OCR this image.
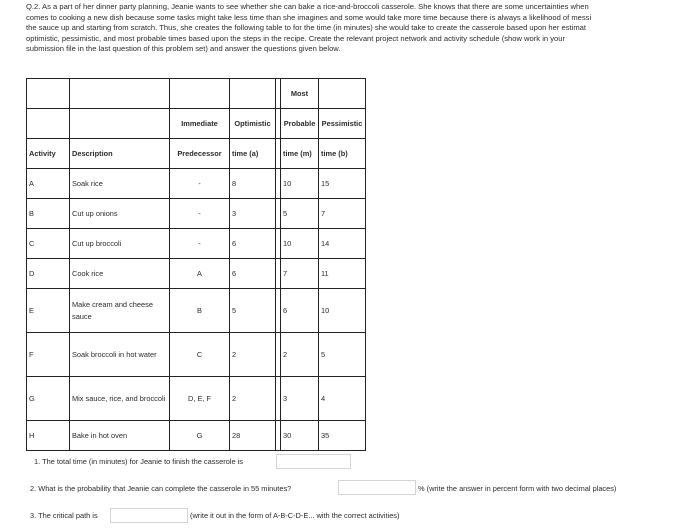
Q.2. As a part of her dinner party planning, Jeanie wants to see whether she can bake a rice-and-broccoli casserole. She knows that there are some uncertainties when
comes to cooking a new dish because some tasks might take less time than she imagines and some would take more time because there is always a likelihood of messi
the sauce up and starting from scratch. Thus, she creates the following table to for the time (in minutes) she would take to create the casserole based upon her estimat
optimistic, pessimistic, and most probable times based upon the steps in the recipe. Create the relevant project network and activity schedule (show work in your
submission file in the last question of this problem set) and answer the questions given below.
					Most	
		Immediate	Optimistic		Probable	Pessimistic
Activity	Description	Predecessor	time (a)		time (m)	time (b)
A	Soak rice	-	8		10	15
B	Cut up onions	-	3		5	7
C	Cut up broccoli	-	6		10	14
D	Cook rice	A	6		7	11
E	Make cream and cheese sauce	B	5		6	10
F	Soak broccoli in hot water	C	2		2	5
G	Mix sauce, rice, and broccoli	D, E, F	2		3	4
H	Bake in hot oven	G	28		30	35
1. The total time (in minutes) for Jeanie to finish the casserole is
2. What is the probability that Jeanie can complete the casserole in 55 minutes?	% (write the answer in percent form with two decimal places)
3. The critical path is	(write it out in the form of A-B-C-D-E... with the correct activities)
